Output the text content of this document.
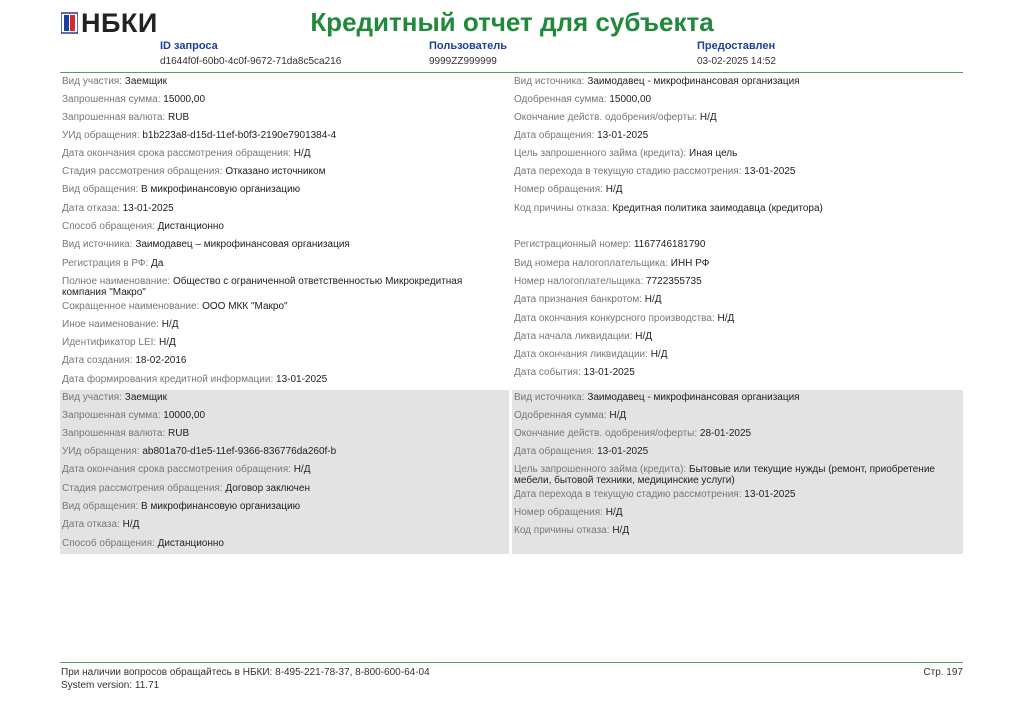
НБКИ	Кредитный отчет для субъекта
ID запроса
d1644f0f-60b0-4c0f-9672-71da8c5ca216
Пользователь
9999ZZ999999
Предоставлен
03-02-2025 14:52
Вид участия: Заемщик
Запрошенная сумма: 15000,00
Запрошенная валюта: RUB
УИд обращения: b1b223a8-d15d-11ef-b0f3-2190e7901384-4
Дата окончания срока рассмотрения обращения: Н/Д
Стадия рассмотрения обращения: Отказано источником
Вид обращения: В микрофинансовую организацию
Дата отказа: 13-01-2025
Способ обращения: Дистанционно
Вид источника: Заимодавец - микрофинансовая организация
Одобренная сумма: 15000,00
Окончание действ. одобрения/оферты: Н/Д
Дата обращения: 13-01-2025
Цель запрошенного займа (кредита): Иная цель
Дата перехода в текущую стадию рассмотрения: 13-01-2025
Номер обращения: Н/Д
Код причины отказа: Кредитная политика заимодавца (кредитора)
Вид источника: Заимодавец – микрофинансовая организация
Регистрация в РФ: Да
Полное наименование: Общество с ограниченной ответственностью Микрокредитная компания "Макро"
Сокращенное наименование: ООО МКК "Макро"
Иное наименование: Н/Д
Идентификатор LEI: Н/Д
Дата создания: 18-02-2016
Дата формирования кредитной информации: 13-01-2025
Регистрационный номер: 1167746181790
Вид номера налогоплательщика: ИНН РФ
Номер налогоплательщика: 7722355735
Дата признания банкротом: Н/Д
Дата окончания конкурсного производства: Н/Д
Дата начала ликвидации: Н/Д
Дата окончания ликвидации: Н/Д
Дата события: 13-01-2025
Вид участия: Заемщик
Запрошенная сумма: 10000,00
Запрошенная валюта: RUB
УИд обращения: ab801a70-d1e5-11ef-9366-836776da260f-b
Дата окончания срока рассмотрения обращения: Н/Д
Стадия рассмотрения обращения: Договор заключен
Вид обращения: В микрофинансовую организацию
Дата отказа: Н/Д
Способ обращения: Дистанционно
Вид источника: Заимодавец - микрофинансовая организация
Одобренная сумма: Н/Д
Окончание действ. одобрения/оферты: 28-01-2025
Дата обращения: 13-01-2025
Цель запрошенного займа (кредита): Бытовые или текущие нужды (ремонт, приобретение мебели, бытовой техники, медицинские услуги)
Дата перехода в текущую стадию рассмотрения: 13-01-2025
Номер обращения: Н/Д
Код причины отказа: Н/Д
При наличии вопросов обращайтесь в НБКИ: 8-495-221-78-37, 8-800-600-64-04
System version: 11.71
Стр. 197
